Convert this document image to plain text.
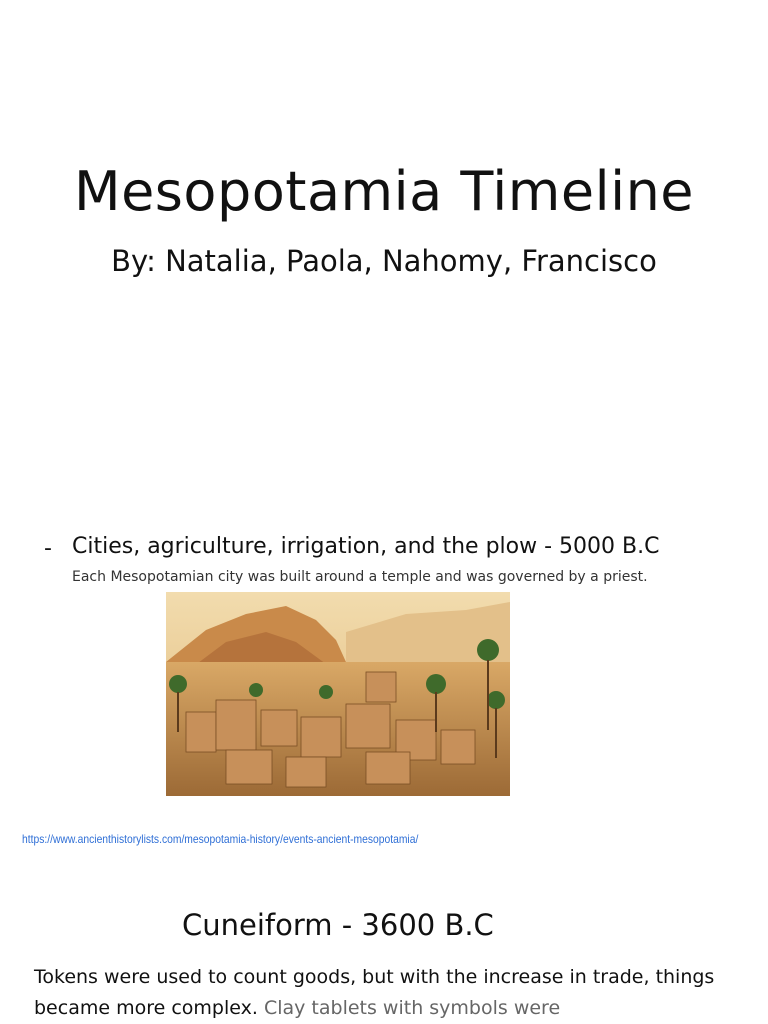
Mesopotamia Timeline
By: Natalia, Paola, Nahomy, Francisco
- Cities, agriculture, irrigation, and the plow - 5000 B.C
Each Mesopotamian city was built around a temple and was governed by a priest.
https://www.ancienthistorylists.com/mesopotamia-history/events-ancient-mesopotamia/
Cuneiform - 3600 B.C

Tokens were used to count goods, but with the increase in trade, things became more complex. Clay tablets with symbols were
